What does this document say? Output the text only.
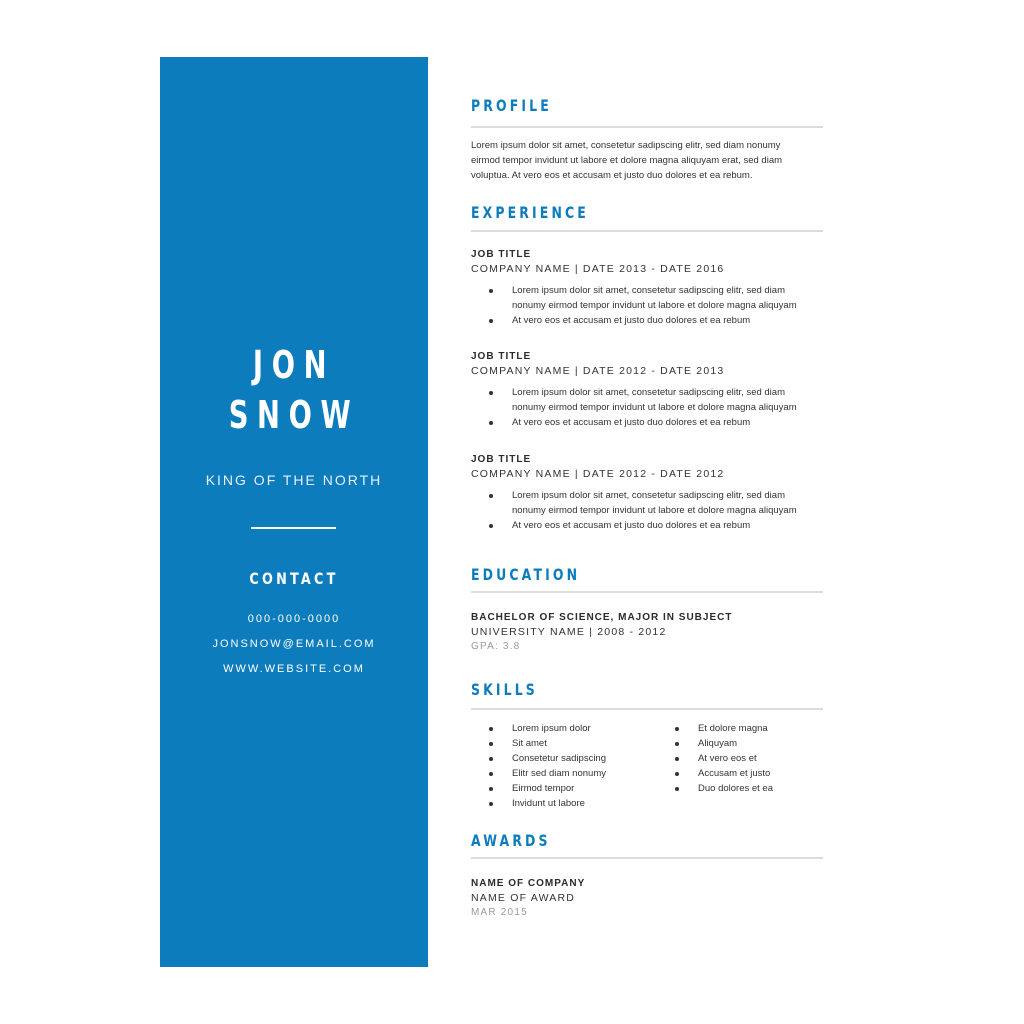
JON
SNOW
KING OF THE NORTH
CONTACT
000-000-0000
JONSNOW@EMAIL.COM
WWW.WEBSITE.COM
PROFILE
Lorem ipsum dolor sit amet, consetetur sadipscing elitr, sed diam nonumy
eirmod tempor invidunt ut labore et dolore magna aliquyam erat, sed diam
voluptua. At vero eos et accusam et justo duo dolores et ea rebum.
EXPERIENCE
JOB TITLE
COMPANY NAME | DATE 2013 - DATE 2016
Lorem ipsum dolor sit amet, consetetur sadipscing elitr, sed diam
nonumy eirmod tempor invidunt ut labore et dolore magna aliquyam
At vero eos et accusam et justo duo dolores et ea rebum
JOB TITLE
COMPANY NAME | DATE 2012 - DATE 2013
Lorem ipsum dolor sit amet, consetetur sadipscing elitr, sed diam
nonumy eirmod tempor invidunt ut labore et dolore magna aliquyam
At vero eos et accusam et justo duo dolores et ea rebum
JOB TITLE
COMPANY NAME | DATE 2012 - DATE 2012
Lorem ipsum dolor sit amet, consetetur sadipscing elitr, sed diam
nonumy eirmod tempor invidunt ut labore et dolore magna aliquyam
At vero eos et accusam et justo duo dolores et ea rebum
EDUCATION
BACHELOR OF SCIENCE, MAJOR IN SUBJECT
UNIVERSITY NAME | 2008 - 2012
GPA: 3.8
SKILLS
Lorem ipsum dolor
Sit amet
Consetetur sadipscing
Elitr sed diam nonumy
Eirmod tempor
Invidunt ut labore
Et dolore magna
Aliquyam
At vero eos et
Accusam et justo
Duo dolores et ea
AWARDS
NAME OF COMPANY
NAME OF AWARD
MAR 2015
